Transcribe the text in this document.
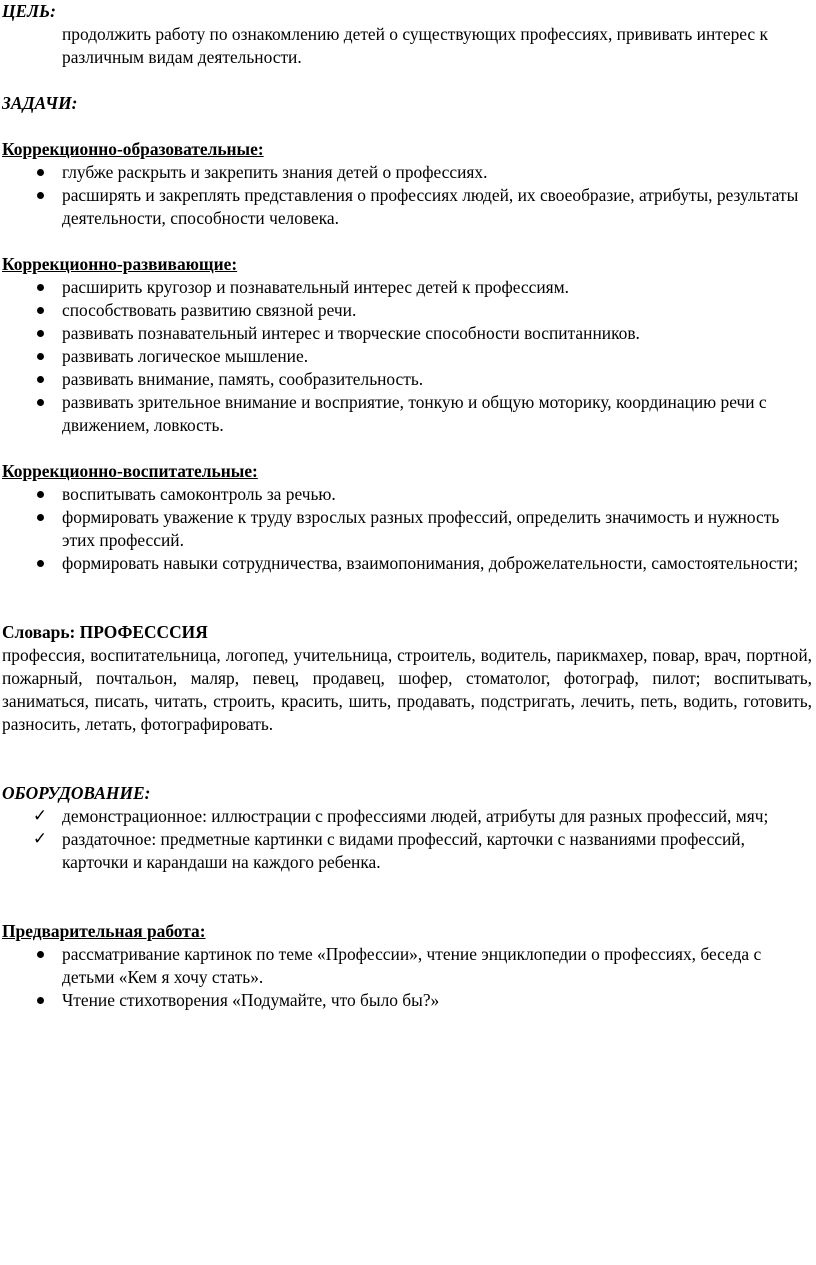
ЦЕЛЬ:

продолжить работу по ознакомлению детей о существующих профессиях, прививать интерес к различным видам деятельности.

ЗАДАЧИ:

Коррекционно-образовательные:

глубже раскрыть и закрепить знания детей о профессиях.
расширять и закреплять представления о профессиях людей, их своеобразие, атрибуты, результаты деятельности, способности человека.

Коррекционно-развивающие:

расширить кругозор и познавательный интерес детей к профессиям.
способствовать развитию связной речи.
развивать познавательный интерес и творческие способности воспитанников.
развивать логическое мышление.
развивать внимание, память, сообразительность.
развивать зрительное внимание и восприятие, тонкую и общую моторику, координацию речи с движением, ловкость.

Коррекционно-воспитательные:

воспитывать самоконтроль за речью.
формировать уважение к труду взрослых разных профессий, определить значимость и нужность этих профессий.
формировать навыки сотрудничества, взаимопонимания, доброжелательности, самостоятельности;

Словарь: ПРОФЕСССИЯ

профессия, воспитательница, логопед, учительница, строитель, водитель, парикмахер, повар, врач, портной, пожарный, почтальон, маляр, певец, продавец, шофер, стоматолог, фотограф, пилот; воспитывать, заниматься, писать, читать, строить, красить, шить, продавать, подстригать, лечить, петь, водить, готовить, разносить, летать, фотографировать.

ОБОРУДОВАНИЕ:

✓ демонстрационное: иллюстрации с профессиями людей, атрибуты для разных профессий, мяч;
✓ раздаточное: предметные картинки с видами профессий, карточки с названиями профессий, карточки и карандаши на каждого ребенка.

Предварительная работа:

рассматривание картинок по теме «Профессии», чтение энциклопедии о профессиях, беседа с детьми «Кем я хочу стать».
Чтение стихотворения «Подумайте, что было бы?»
